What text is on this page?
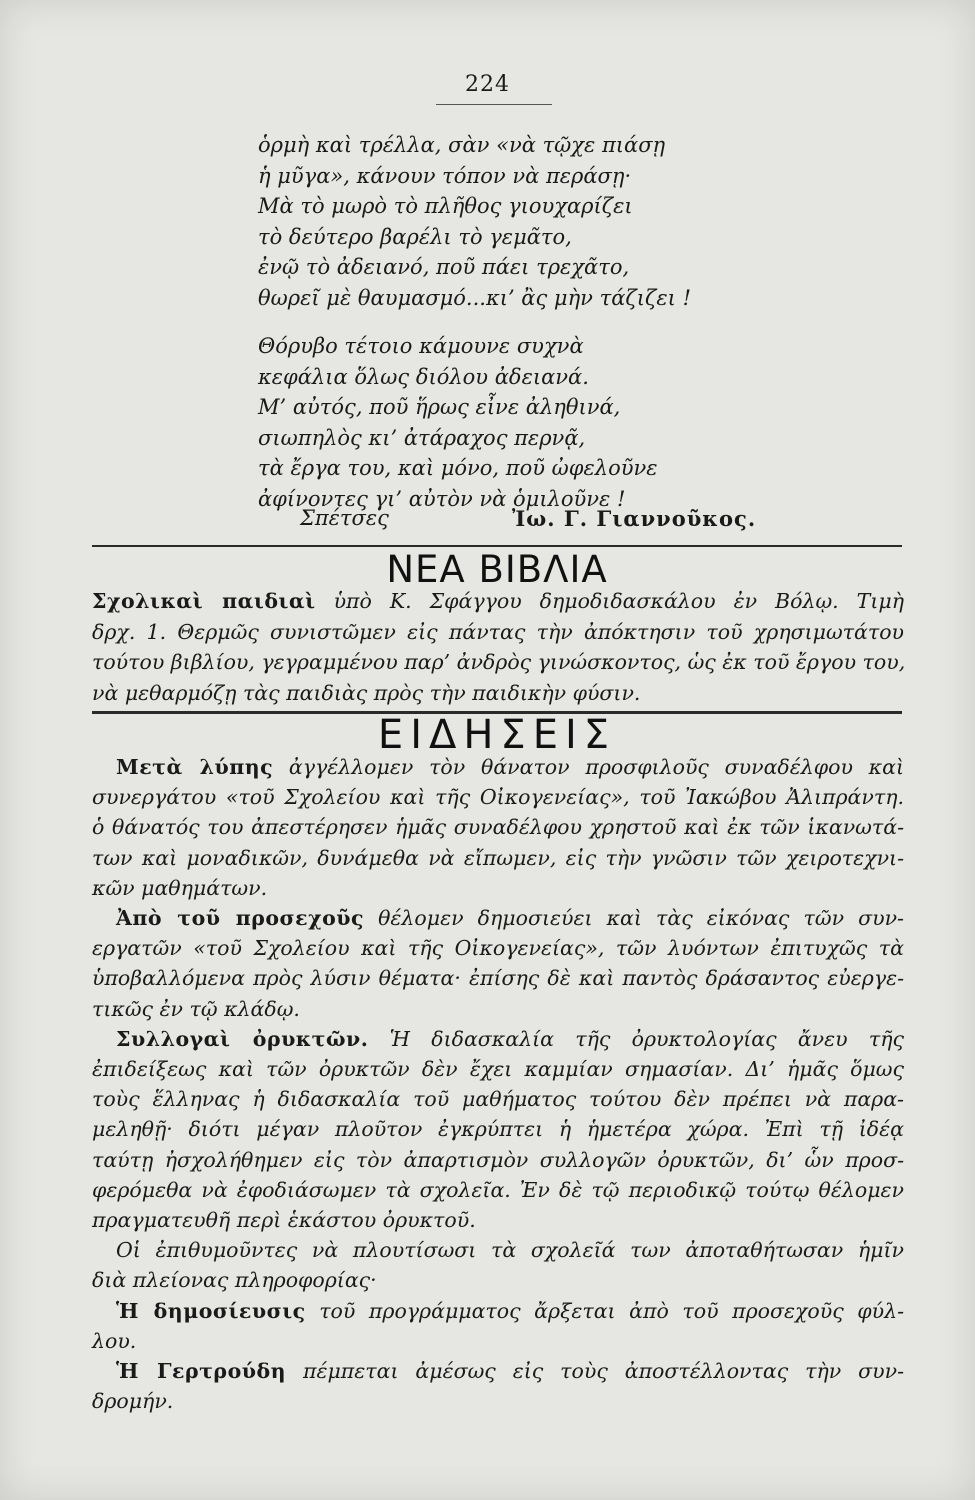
224
ὁρμὴ καὶ τρέλλα, σὰν «νὰ τῷχε πιάσῃ
ἡ μῦγα», κάνουν τόπον νὰ περάσῃ·
Μὰ τὸ μωρὸ τὸ πλῆθος γιουχαρίζει
τὸ δεύτερο βαρέλι τὸ γεμᾶτο,
ἐνῷ τὸ ἀδειανό, ποῦ πάει τρεχᾶτο,
θωρεῖ μὲ θαυμασμό...κι’ ἂς μὴν τάζιζει !
Θόρυβο τέτοιο κάμουνε συχνὰ
κεφάλια ὅλως διόλου ἀδειανά.
Μ’ αὐτός, ποῦ ἥρως εἶνε ἀληθινά,
σιωπηλὸς κι’ ἀτάραχος περνᾷ,
τὰ ἔργα του, καὶ μόνο, ποῦ ὠφελοῦνε
ἀφίνοντες γι’ αὐτὸν νὰ ὁμιλοῦνε !
Σπέτσες	Ἰω. Γ. Γιαννοῦκος.
ΝΕΑ ΒΙΒΛΙΑ
Σχολικαὶ παιδιαὶ ὑπὸ Κ. Σφάγγου δημοδιδασκάλου ἐν Βόλῳ. Τιμὴ
δρχ. 1. Θερμῶς συνιστῶμεν εἰς πάντας τὴν ἀπόκτησιν τοῦ χρησιμωτάτου
τούτου βιβλίου, γεγραμμένου παρ’ ἀνδρὸς γινώσκοντος, ὡς ἐκ τοῦ ἔργου του,
νὰ μεθαρμόζῃ τὰς παιδιὰς πρὸς τὴν παιδικὴν φύσιν.
ΕΙΔΗΣΕΙΣ
Μετὰ λύπης ἀγγέλλομεν τὸν θάνατον προσφιλοῦς συναδέλφου καὶ
συνεργάτου «τοῦ Σχολείου καὶ τῆς Οἰκογενείας», τοῦ Ἰακώβου Ἀλιπράντη.
ὁ θάνατός του ἀπεστέρησεν ἡμᾶς συναδέλφου χρηστοῦ καὶ ἐκ τῶν ἱκανωτά-
των καὶ μοναδικῶν, δυνάμεθα νὰ εἴπωμεν, εἰς τὴν γνῶσιν τῶν χειροτεχνι-
κῶν μαθημάτων.
Ἀπὸ τοῦ προσεχοῦς θέλομεν δημοσιεύει καὶ τὰς εἰκόνας τῶν συν-
εργατῶν «τοῦ Σχολείου καὶ τῆς Οἰκογενείας», τῶν λυόντων ἐπιτυχῶς τὰ
ὑποβαλλόμενα πρὸς λύσιν θέματα· ἐπίσης δὲ καὶ παντὸς δράσαντος εὐεργε-
τικῶς ἐν τῷ κλάδῳ.
Συλλογαὶ ὀρυκτῶν. Ἡ διδασκαλία τῆς ὀρυκτολογίας ἄνευ τῆς
ἐπιδείξεως καὶ τῶν ὀρυκτῶν δὲν ἔχει καμμίαν σημασίαν. Δι’ ἡμᾶς ὅμως
τοὺς ἕλληνας ἡ διδασκαλία τοῦ μαθήματος τούτου δὲν πρέπει νὰ παρα-
μεληθῇ· διότι μέγαν πλοῦτον ἐγκρύπτει ἡ ἡμετέρα χώρα. Ἐπὶ τῇ ἰδέᾳ
ταύτῃ ἠσχολήθημεν εἰς τὸν ἀπαρτισμὸν συλλογῶν ὀρυκτῶν, δι’ ὧν προσ-
φερόμεθα νὰ ἐφοδιάσωμεν τὰ σχολεῖα. Ἐν δὲ τῷ περιοδικῷ τούτῳ θέλομεν
πραγματευθῆ περὶ ἑκάστου ὀρυκτοῦ.
Οἱ ἐπιθυμοῦντες νὰ πλουτίσωσι τὰ σχολεῖά των ἀποταθήτωσαν ἡμῖν
διὰ πλείονας πληροφορίας·
Ἡ δημοσίευσις τοῦ προγράμματος ἄρξεται ἀπὸ τοῦ προσεχοῦς φύλ-
λου.
Ἡ Γερτρούδη πέμπεται ἀμέσως εἰς τοὺς ἀποστέλλοντας τὴν συν-
δρομήν.
